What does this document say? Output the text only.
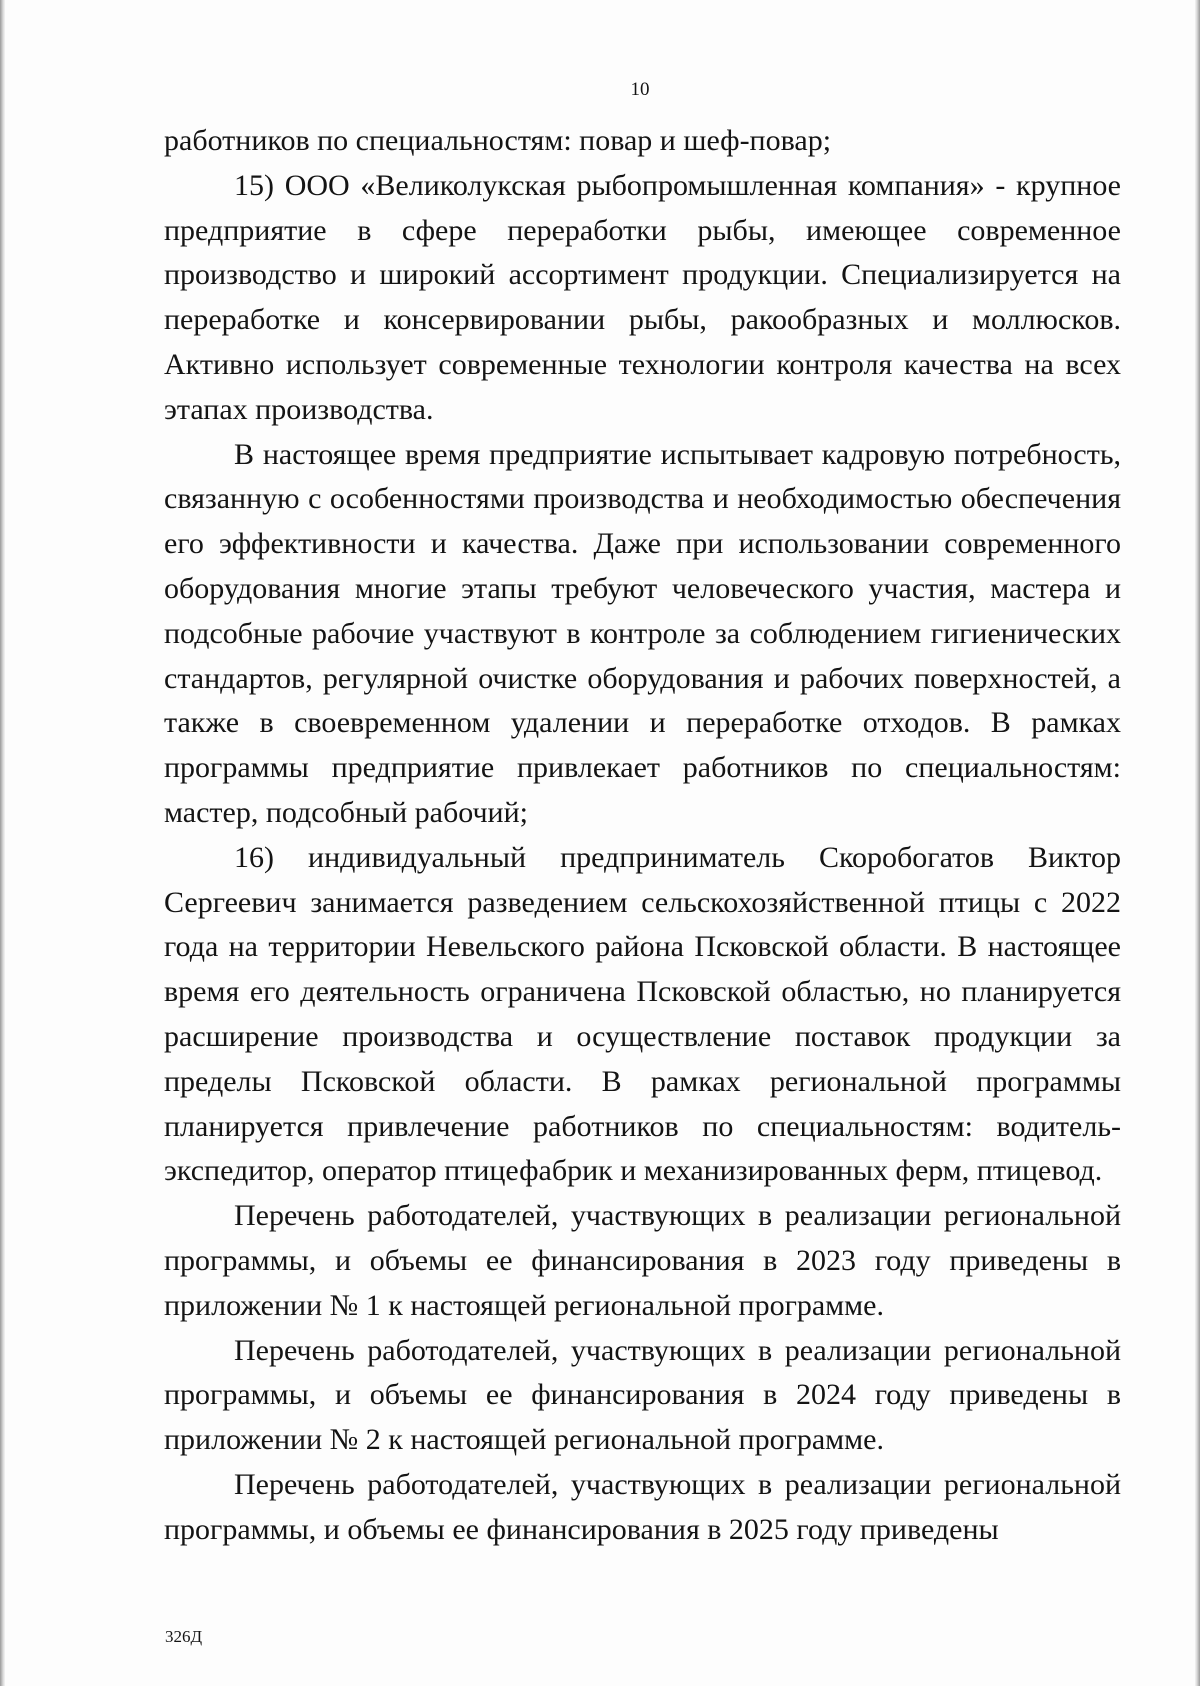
10

работников по специальностям: повар и шеф-повар;

15) ООО «Великолукская рыбопромышленная компания» - крупное предприятие в сфере переработки рыбы, имеющее современное производство и широкий ассортимент продукции. Специализируется на переработке и консервировании рыбы, ракообразных и моллюсков. Активно использует современные технологии контроля качества на всех этапах производства.

В настоящее время предприятие испытывает кадровую потребность, связанную с особенностями производства и необходимостью обеспечения его эффективности и качества. Даже при использовании современного оборудования многие этапы требуют человеческого участия, мастера и подсобные рабочие участвуют в контроле за соблюдением гигиенических стандартов, регулярной очистке оборудования и рабочих поверхностей, а также в своевременном удалении и переработке отходов. В рамках программы предприятие привлекает работников по специальностям: мастер, подсобный рабочий;

16) индивидуальный предприниматель Скоробогатов Виктор Сергеевич занимается разведением сельскохозяйственной птицы с 2022 года на территории Невельского района Псковской области. В настоящее время его деятельность ограничена Псковской областью, но планируется расширение производства и осуществление поставок продукции за пределы Псковской области. В рамках региональной программы планируется привлечение работников по специальностям: водитель-экспедитор, оператор птицефабрик и механизированных ферм, птицевод.

Перечень работодателей, участвующих в реализации региональной программы, и объемы ее финансирования в 2023 году приведены в приложении № 1 к настоящей региональной программе.

Перечень работодателей, участвующих в реализации региональной программы, и объемы ее финансирования в 2024 году приведены в приложении № 2 к настоящей региональной программе.

Перечень работодателей, участвующих в реализации региональной программы, и объемы ее финансирования в 2025 году приведены

326Д
